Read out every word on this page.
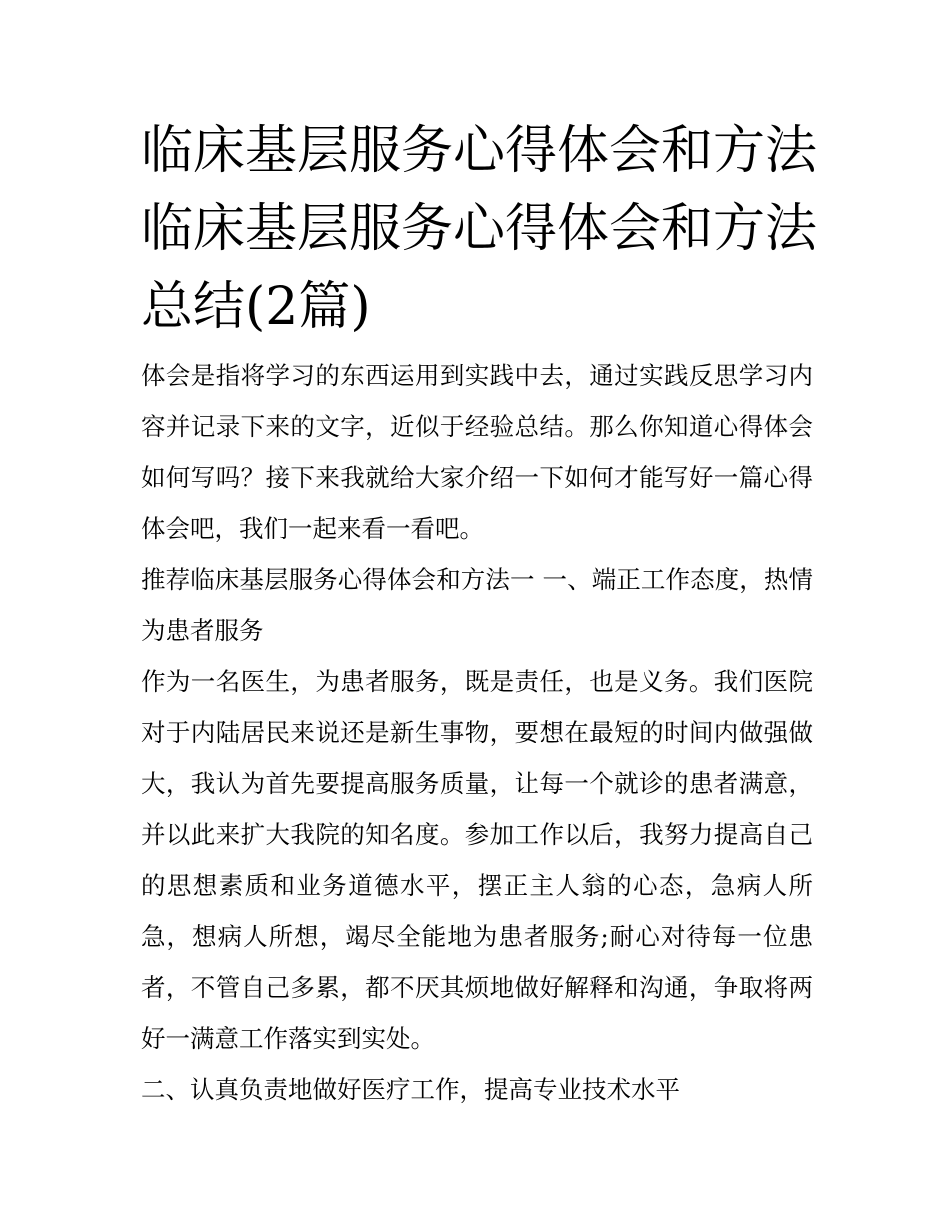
临床基层服务心得体会和方法
临床基层服务心得体会和方法
总结(2篇)

体会是指将学习的东西运用到实践中去，通过实践反思学习内容并记录下来的文字，近似于经验总结。那么你知道心得体会如何写吗？接下来我就给大家介绍一下如何才能写好一篇心得体会吧，我们一起来看一看吧。

推荐临床基层服务心得体会和方法一 一、端正工作态度，热情为患者服务

作为一名医生，为患者服务，既是责任，也是义务。我们医院对于内陆居民来说还是新生事物，要想在最短的时间内做强做大，我认为首先要提高服务质量，让每一个就诊的患者满意，并以此来扩大我院的知名度。参加工作以后，我努力提高自己的思想素质和业务道德水平，摆正主人翁的心态，急病人所急，想病人所想，竭尽全能地为患者服务;耐心对待每一位患者，不管自己多累，都不厌其烦地做好解释和沟通，争取将两好一满意工作落实到实处。

二、认真负责地做好医疗工作，提高专业技术水平
